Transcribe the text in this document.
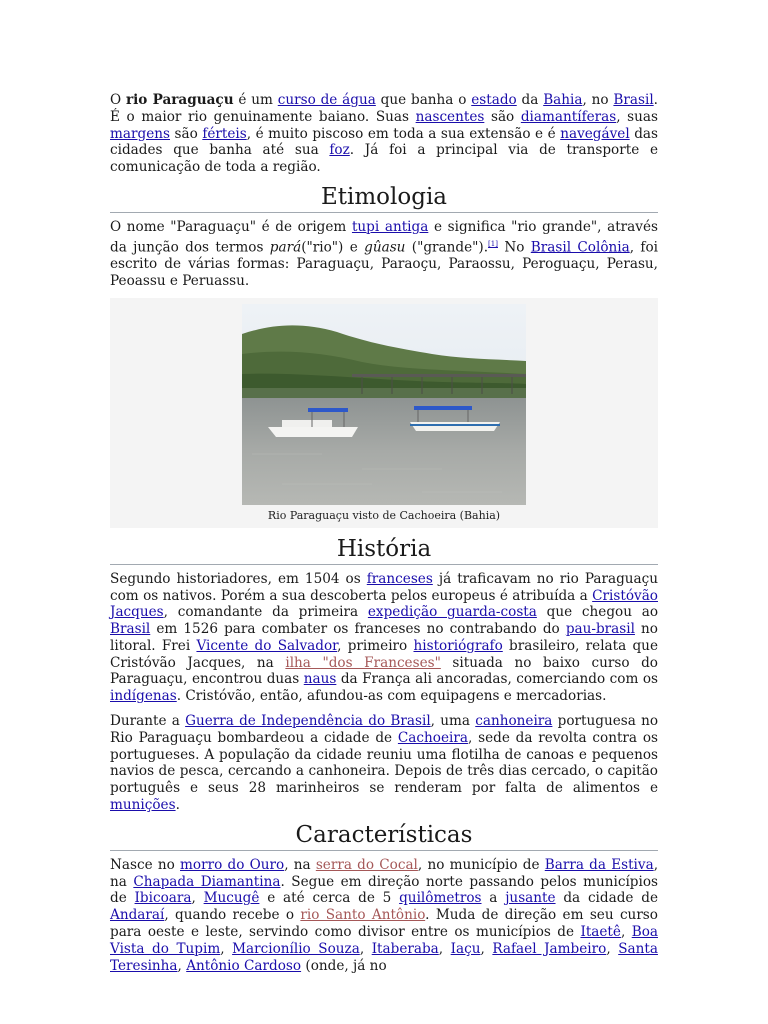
O rio Paraguaçu é um curso de água que banha o estado da Bahia, no Brasil. É o maior rio genuinamente baiano. Suas nascentes são diamantíferas, suas margens são férteis, é muito piscoso em toda a sua extensão e é navegável das cidades que banha até sua foz. Já foi a principal via de transporte e comunicação de toda a região.

Etimologia

O nome "Paraguaçu" é de origem tupi antiga e significa "rio grande", através da junção dos termos pará("rio") e gûasu ("grande").[1] No Brasil Colônia, foi escrito de várias formas: Paraguaçu, Paraoçu, Paraossu, Peroguaçu, Perasu, Peoassu e Peruassu.

Rio Paraguaçu visto de Cachoeira (Bahia)
História

Segundo historiadores, em 1504 os franceses já traficavam no rio Paraguaçu com os nativos. Porém a sua descoberta pelos europeus é atribuída a Cristóvão Jacques, comandante da primeira expedição guarda-costa que chegou ao Brasil em 1526 para combater os franceses no contrabando do pau-brasil no litoral. Frei Vicente do Salvador, primeiro historiógrafo brasileiro, relata que Cristóvão Jacques, na ilha "dos Franceses" situada no baixo curso do Paraguaçu, encontrou duas naus da França ali ancoradas, comerciando com os indígenas. Cristóvão, então, afundou-as com equipagens e mercadorias.

Durante a Guerra de Independência do Brasil, uma canhoneira portuguesa no Rio Paraguaçu bombardeou a cidade de Cachoeira, sede da revolta contra os portugueses. A população da cidade reuniu uma flotilha de canoas e pequenos navios de pesca, cercando a canhoneira. Depois de três dias cercado, o capitão português e seus 28 marinheiros se renderam por falta de alimentos e munições.

Características

Nasce no morro do Ouro, na serra do Cocal, no município de Barra da Estiva, na Chapada Diamantina. Segue em direção norte passando pelos municípios de Ibicoara, Mucugê e até cerca de 5 quilômetros a jusante da cidade de Andaraí, quando recebe o rio Santo Antônio. Muda de direção em seu curso para oeste e leste, servindo como divisor entre os municípios de Itaetê, Boa Vista do Tupim, Marcionílio Souza, Itaberaba, Iaçu, Rafael Jambeiro, Santa Teresinha, Antônio Cardoso (onde, já no
